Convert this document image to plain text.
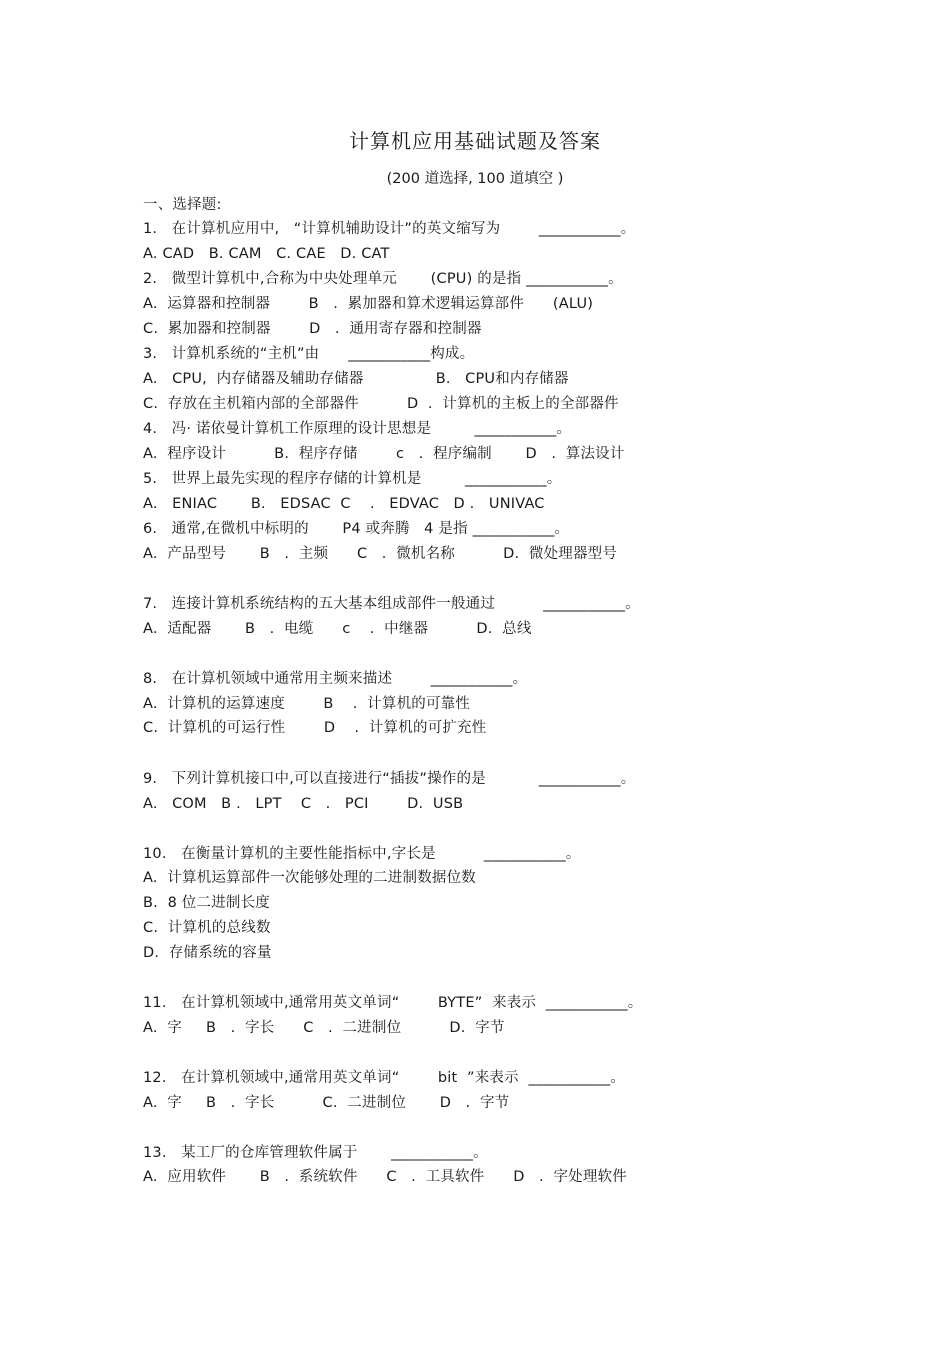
计算机应用基础试题及答案
(200 道选择, 100 道填空 )
一、选择题:
1.   在计算机应用中,   “计算机辅助设计”的英文缩写为        ___________。
A. CAD   B. CAM   C. CAE   D. CAT
2.   微型计算机中,合称为中央处理单元       (CPU) 的是指 ___________。
A.  运算器和控制器        B   .  累加器和算术逻辑运算部件      (ALU)
C.  累加器和控制器        D   .  通用寄存器和控制器
3.   计算机系统的“主机”由      ___________构成。
A.   CPU,  内存储器及辅助存储器               B.   CPU和内存储器
C.  存放在主机箱内部的全部器件          D  .  计算机的主板上的全部器件
4.   冯· 诺依曼计算机工作原理的设计思想是         ___________。
A.  程序设计          B.  程序存储        c   .  程序编制       D   .  算法设计
5.   世界上最先实现的程序存储的计算机是         ___________。
A.   ENIAC       B.   EDSAC  C    .   EDVAC   D .   UNIVAC
6.   通常,在微机中标明的       P4 或奔腾   4 是指 ___________。
A.  产品型号       B   .  主频      C   .  微机名称          D.  微处理器型号
7.   连接计算机系统结构的五大基本组成部件一般通过          ___________。
A.  适配器       B   .  电缆      c    .  中继器          D.  总线
8.   在计算机领域中通常用主频来描述        ___________。
A.  计算机的运算速度        B    .  计算机的可靠性
C.  计算机的可运行性        D    .  计算机的可扩充性
9.   下列计算机接口中,可以直接进行“插拔”操作的是           ___________。
A.   COM   B .   LPT    C   .   PCI        D.  USB
10.   在衡量计算机的主要性能指标中,字长是          ___________。
A.  计算机运算部件一次能够处理的二进制数据位数
B.  8 位二进制长度
C.  计算机的总线数
D.  存储系统的容量
11.   在计算机领域中,通常用英文单词“        BYTE”  来表示  ___________。
A.  字     B   .  字长      C   .  二进制位          D.  字节
12.   在计算机领域中,通常用英文单词“        bit  ”来表示  ___________。
A.  字     B   .  字长          C.  二进制位       D   .  字节
13.   某工厂的仓库管理软件属于       ___________。
A.  应用软件       B   .  系统软件      C   .  工具软件      D   .  字处理软件
